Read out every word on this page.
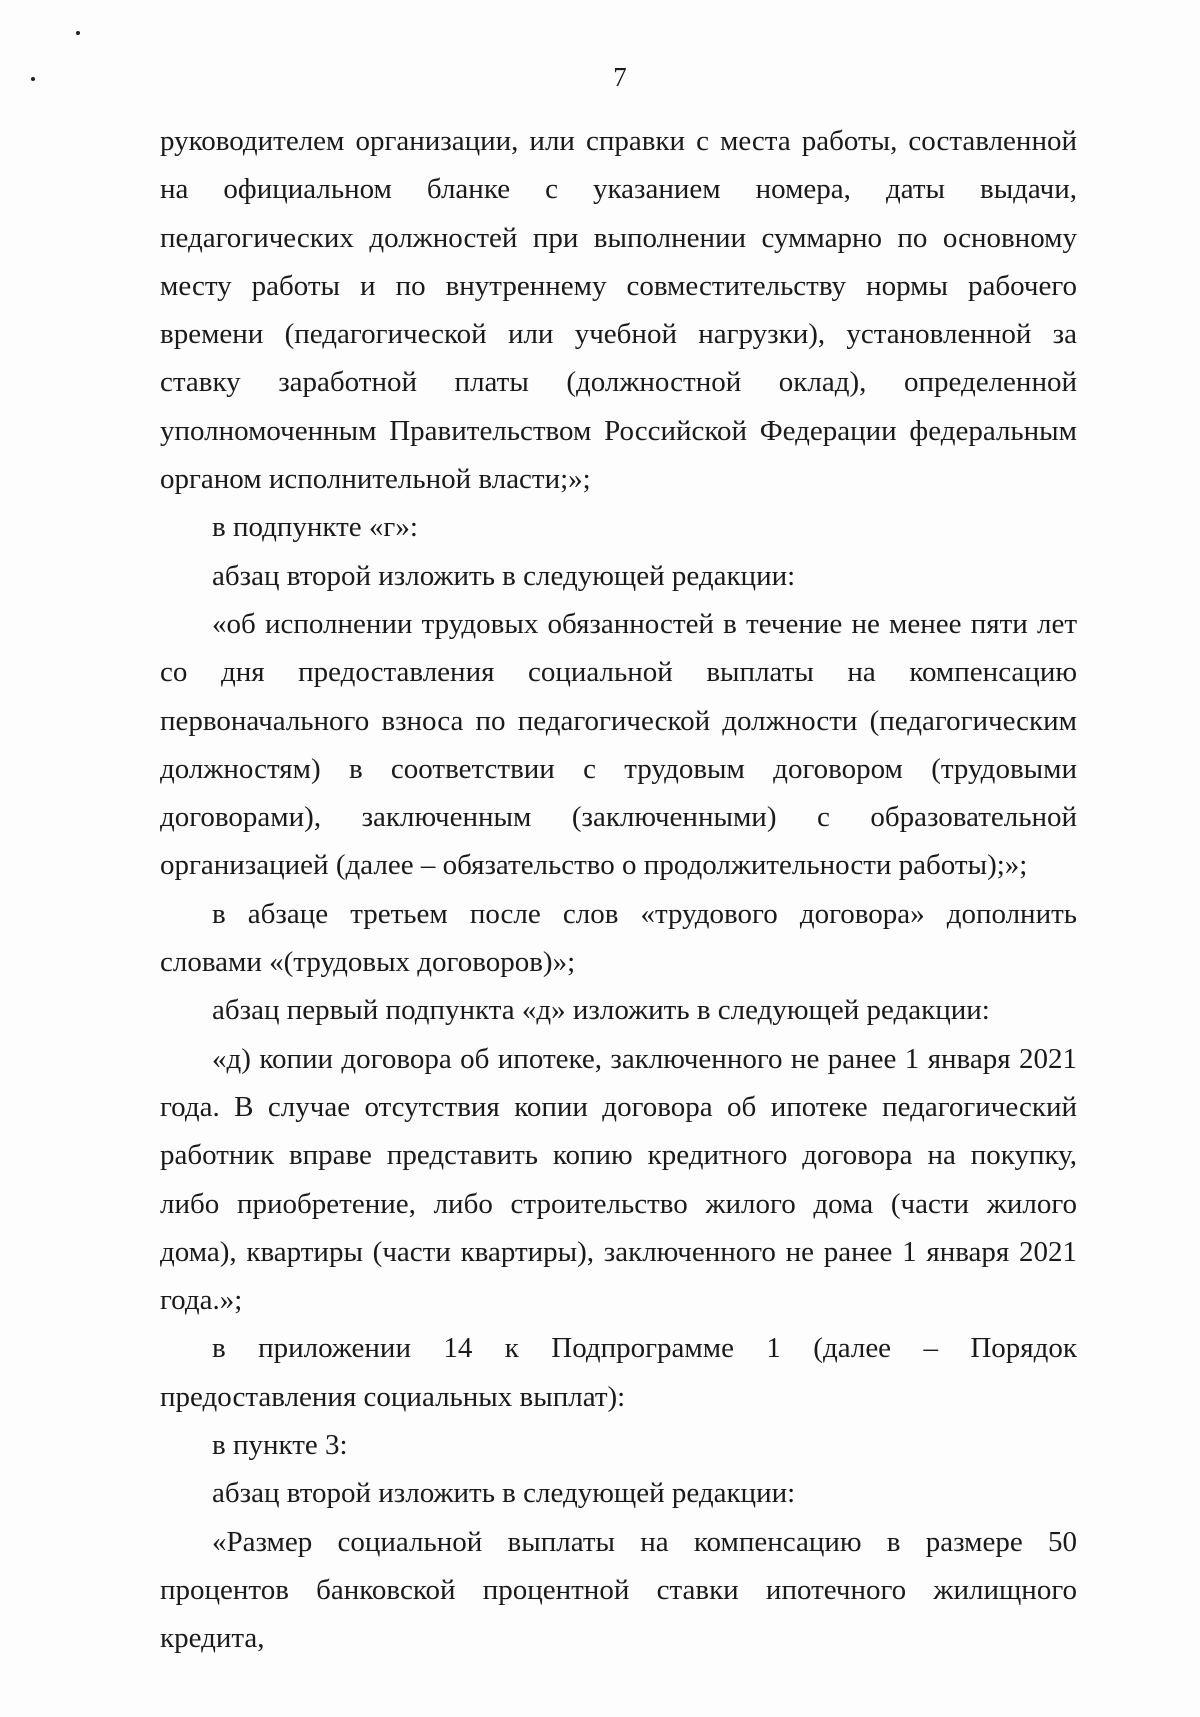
7

руководителем организации, или справки с места работы, составленной на официальном бланке с указанием номера, даты выдачи, педагогических должностей при выполнении суммарно по основному месту работы и по внутреннему совместительству нормы рабочего времени (педагогической или учебной нагрузки), установленной за ставку заработной платы (должностной оклад), определенной уполномоченным Правительством Российской Федерации федеральным органом исполнительной власти;»;

в подпункте «г»:

абзац второй изложить в следующей редакции:

«об исполнении трудовых обязанностей в течение не менее пяти лет со дня предоставления социальной выплаты на компенсацию первоначального взноса по педагогической должности (педагогическим должностям) в соответствии с трудовым договором (трудовыми договорами), заключенным (заключенными) с образовательной организацией (далее – обязательство о продолжительности работы);»;

в абзаце третьем после слов «трудового договора» дополнить словами «(трудовых договоров)»;

абзац первый подпункта «д» изложить в следующей редакции:

«д) копии договора об ипотеке, заключенного не ранее 1 января 2021 года. В случае отсутствия копии договора об ипотеке педагогический работник вправе представить копию кредитного договора на покупку, либо приобретение, либо строительство жилого дома (части жилого дома), квартиры (части квартиры), заключенного не ранее 1 января 2021 года.»;

в приложении 14 к Подпрограмме 1 (далее – Порядок предоставления социальных выплат):

в пункте 3:

абзац второй изложить в следующей редакции:

«Размер социальной выплаты на компенсацию в размере 50 процентов банковской процентной ставки ипотечного жилищного кредита,
